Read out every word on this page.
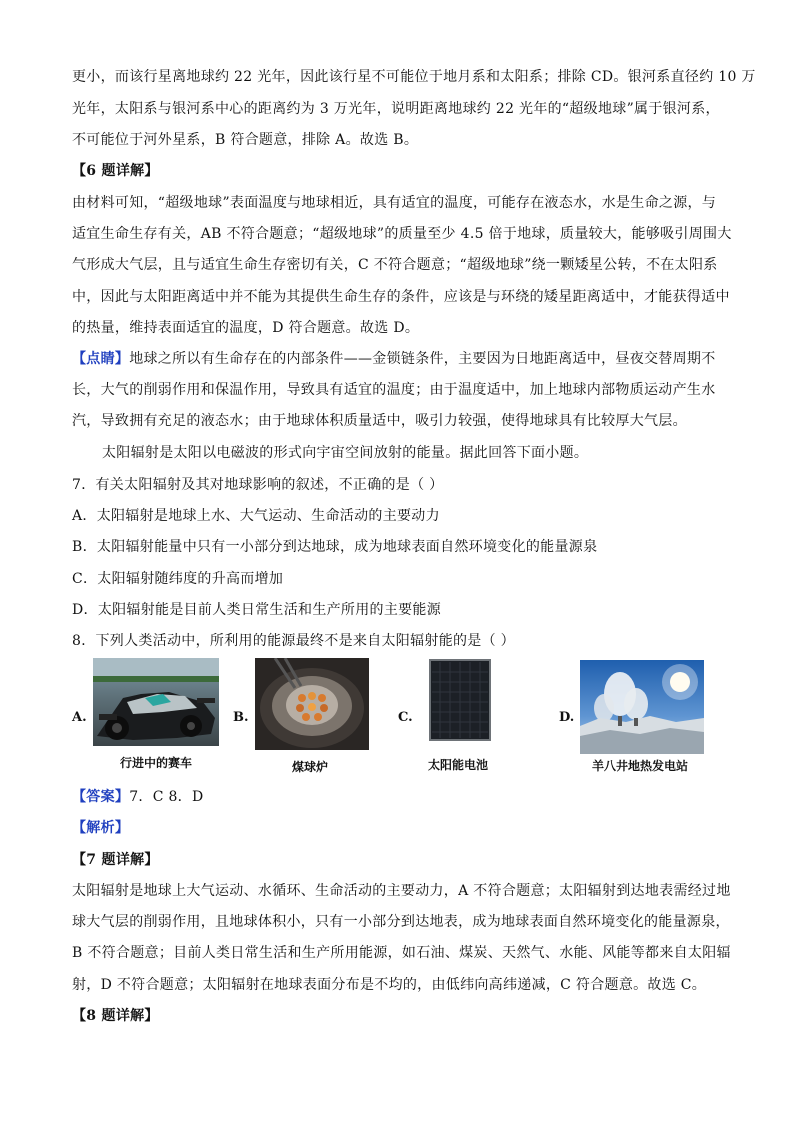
更小，而该行星离地球约 22 光年，因此该行星不可能位于地月系和太阳系；排除 CD。银河系直径约 10 万
光年，太阳系与银河系中心的距离约为 3 万光年，说明距离地球约 22 光年的“超级地球”属于银河系，
不可能位于河外星系，B 符合题意，排除 A。故选 B。
【6 题详解】
由材料可知，“超级地球”表面温度与地球相近，具有适宜的温度，可能存在液态水，水是生命之源，与
适宜生命生存有关，AB 不符合题意；“超级地球”的质量至少 4.5 倍于地球，质量较大，能够吸引周围大
气形成大气层，且与适宜生命生存密切有关，C 不符合题意；“超级地球”绕一颗矮星公转，不在太阳系
中，因此与太阳距离适中并不能为其提供生命生存的条件，应该是与环绕的矮星距离适中，才能获得适中
的热量，维持表面适宜的温度，D 符合题意。故选 D。
【点睛】地球之所以有生命存在的内部条件——金锁链条件，主要因为日地距离适中，昼夜交替周期不
长，大气的削弱作用和保温作用，导致具有适宜的温度；由于温度适中，加上地球内部物质运动产生水
汽，导致拥有充足的液态水；由于地球体积质量适中，吸引力较强，使得地球具有比较厚大气层。
太阳辐射是太阳以电磁波的形式向宇宙空间放射的能量。据此回答下面小题。
7．有关太阳辐射及其对地球影响的叙述，不正确的是（ ）
A．太阳辐射是地球上水、大气运动、生命活动的主要动力
B．太阳辐射能量中只有一小部分到达地球，成为地球表面自然环境变化的能量源泉
C．太阳辐射随纬度的升高而增加
D．太阳辐射能是目前人类日常生活和生产所用的主要能源
8．下列人类活动中，所利用的能源最终不是来自太阳辐射能的是（ ）
A.
行进中的赛车
B.
煤球炉
C.
太阳能电池
D.
羊八井地热发电站
【答案】7．C 8．D
【解析】
【7 题详解】
太阳辐射是地球上大气运动、水循环、生命活动的主要动力，A 不符合题意；太阳辐射到达地表需经过地
球大气层的削弱作用，且地球体积小，只有一小部分到达地表，成为地球表面自然环境变化的能量源泉，
B 不符合题意；目前人类日常生活和生产所用能源，如石油、煤炭、天然气、水能、风能等都来自太阳辐
射，D 不符合题意；太阳辐射在地球表面分布是不均的，由低纬向高纬递减，C 符合题意。故选 C。
【8 题详解】
